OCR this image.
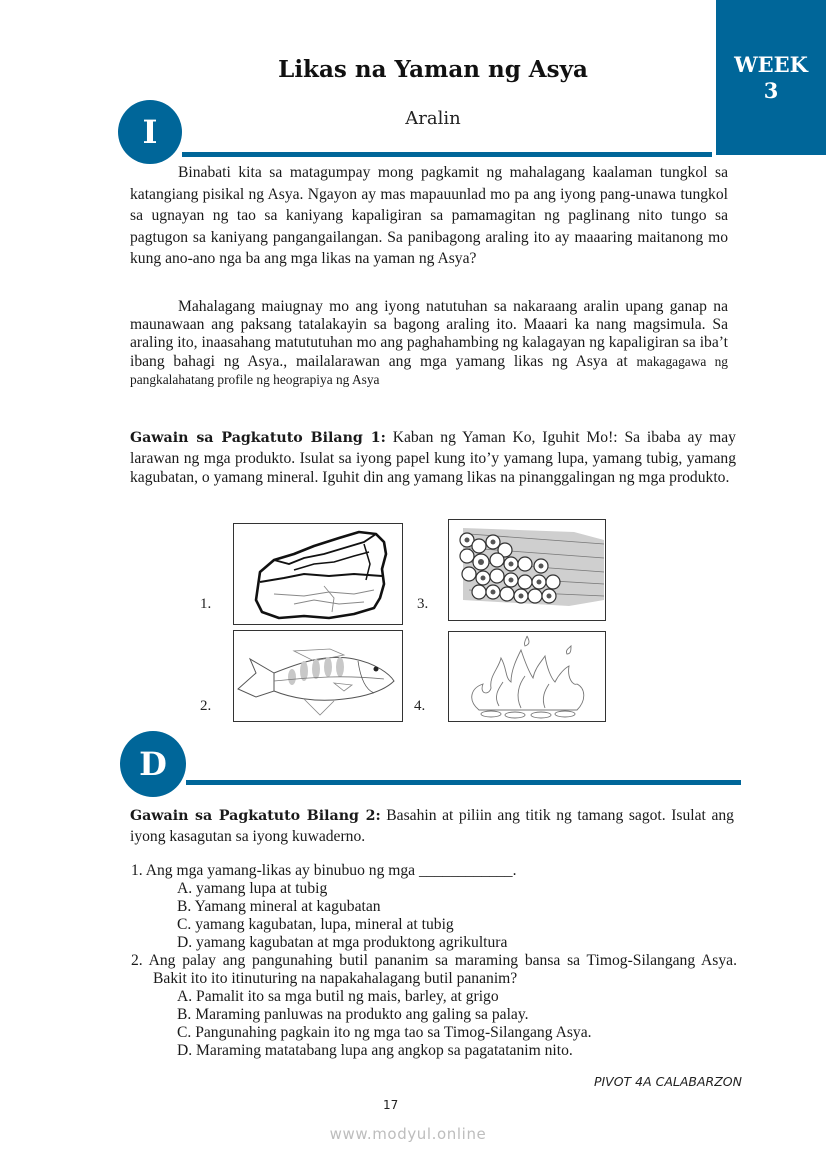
WEEK
3
Likas na Yaman ng Asya
Aralin
I

Binabati kita sa matagumpay mong pagkamit ng mahalagang kaalaman tungkol sa katangiang pisikal ng Asya. Ngayon ay mas mapauunlad mo pa ang iyong pang-unawa tungkol sa ugnayan ng tao sa kaniyang kapaligiran sa pamamagitan ng paglinang nito tungo sa pagtugon sa kaniyang pangangailangan. Sa panibagong araling ito ay maaaring maitanong mo kung ano-ano nga ba ang mga likas na yaman ng Asya?

Mahalagang maiugnay mo ang iyong natutuhan sa nakaraang aralin upang ganap na maunawaan ang paksang tatalakayin sa bagong araling ito. Maaari ka nang magsimula. Sa araling ito, inaasahang matututuhan mo ang paghahambing ng kalagayan ng kapaligiran sa iba’t ibang bahagi ng Asya., mailalarawan ang mga yamang likas ng Asya at makagagawa ng pangkalahatang profile ng heograpiya ng Asya

Gawain sa Pagkatuto Bilang 1: Kaban ng Yaman Ko, Iguhit Mo!: Sa ibaba ay may larawan ng mga produkto. Isulat sa iyong papel kung ito’y yamang lupa, yamang tubig, yamang kagubatan, o yamang mineral. Iguhit din ang yamang likas na pinanggalingan ng mga produkto.

1.	3.
2.	4.
D

Gawain sa Pagkatuto Bilang 2: Basahin at piliin ang titik ng tamang sagot. Isulat ang iyong kasagutan sa iyong kuwaderno.

1. Ang mga yamang-likas ay binubuo ng mga ____________.
A. yamang lupa at tubig
B. Yamang mineral at kagubatan
C. yamang kagubatan, lupa, mineral at tubig
D. yamang kagubatan at mga produktong agrikultura
2. Ang palay ang pangunahing butil pananim sa maraming bansa sa Timog-Silangang Asya. Bakit ito ito itinuturing na napakahalagang butil pananim?
A. Pamalit ito sa mga butil ng mais, barley, at grigo
B. Maraming panluwas na produkto ang galing sa palay.
C. Pangunahing pagkain ito ng mga tao sa Timog-Silangang Asya.
D. Maraming matatabang lupa ang angkop sa pagatatanim nito.
PIVOT 4A CALABARZON
17
www.modyul.online
